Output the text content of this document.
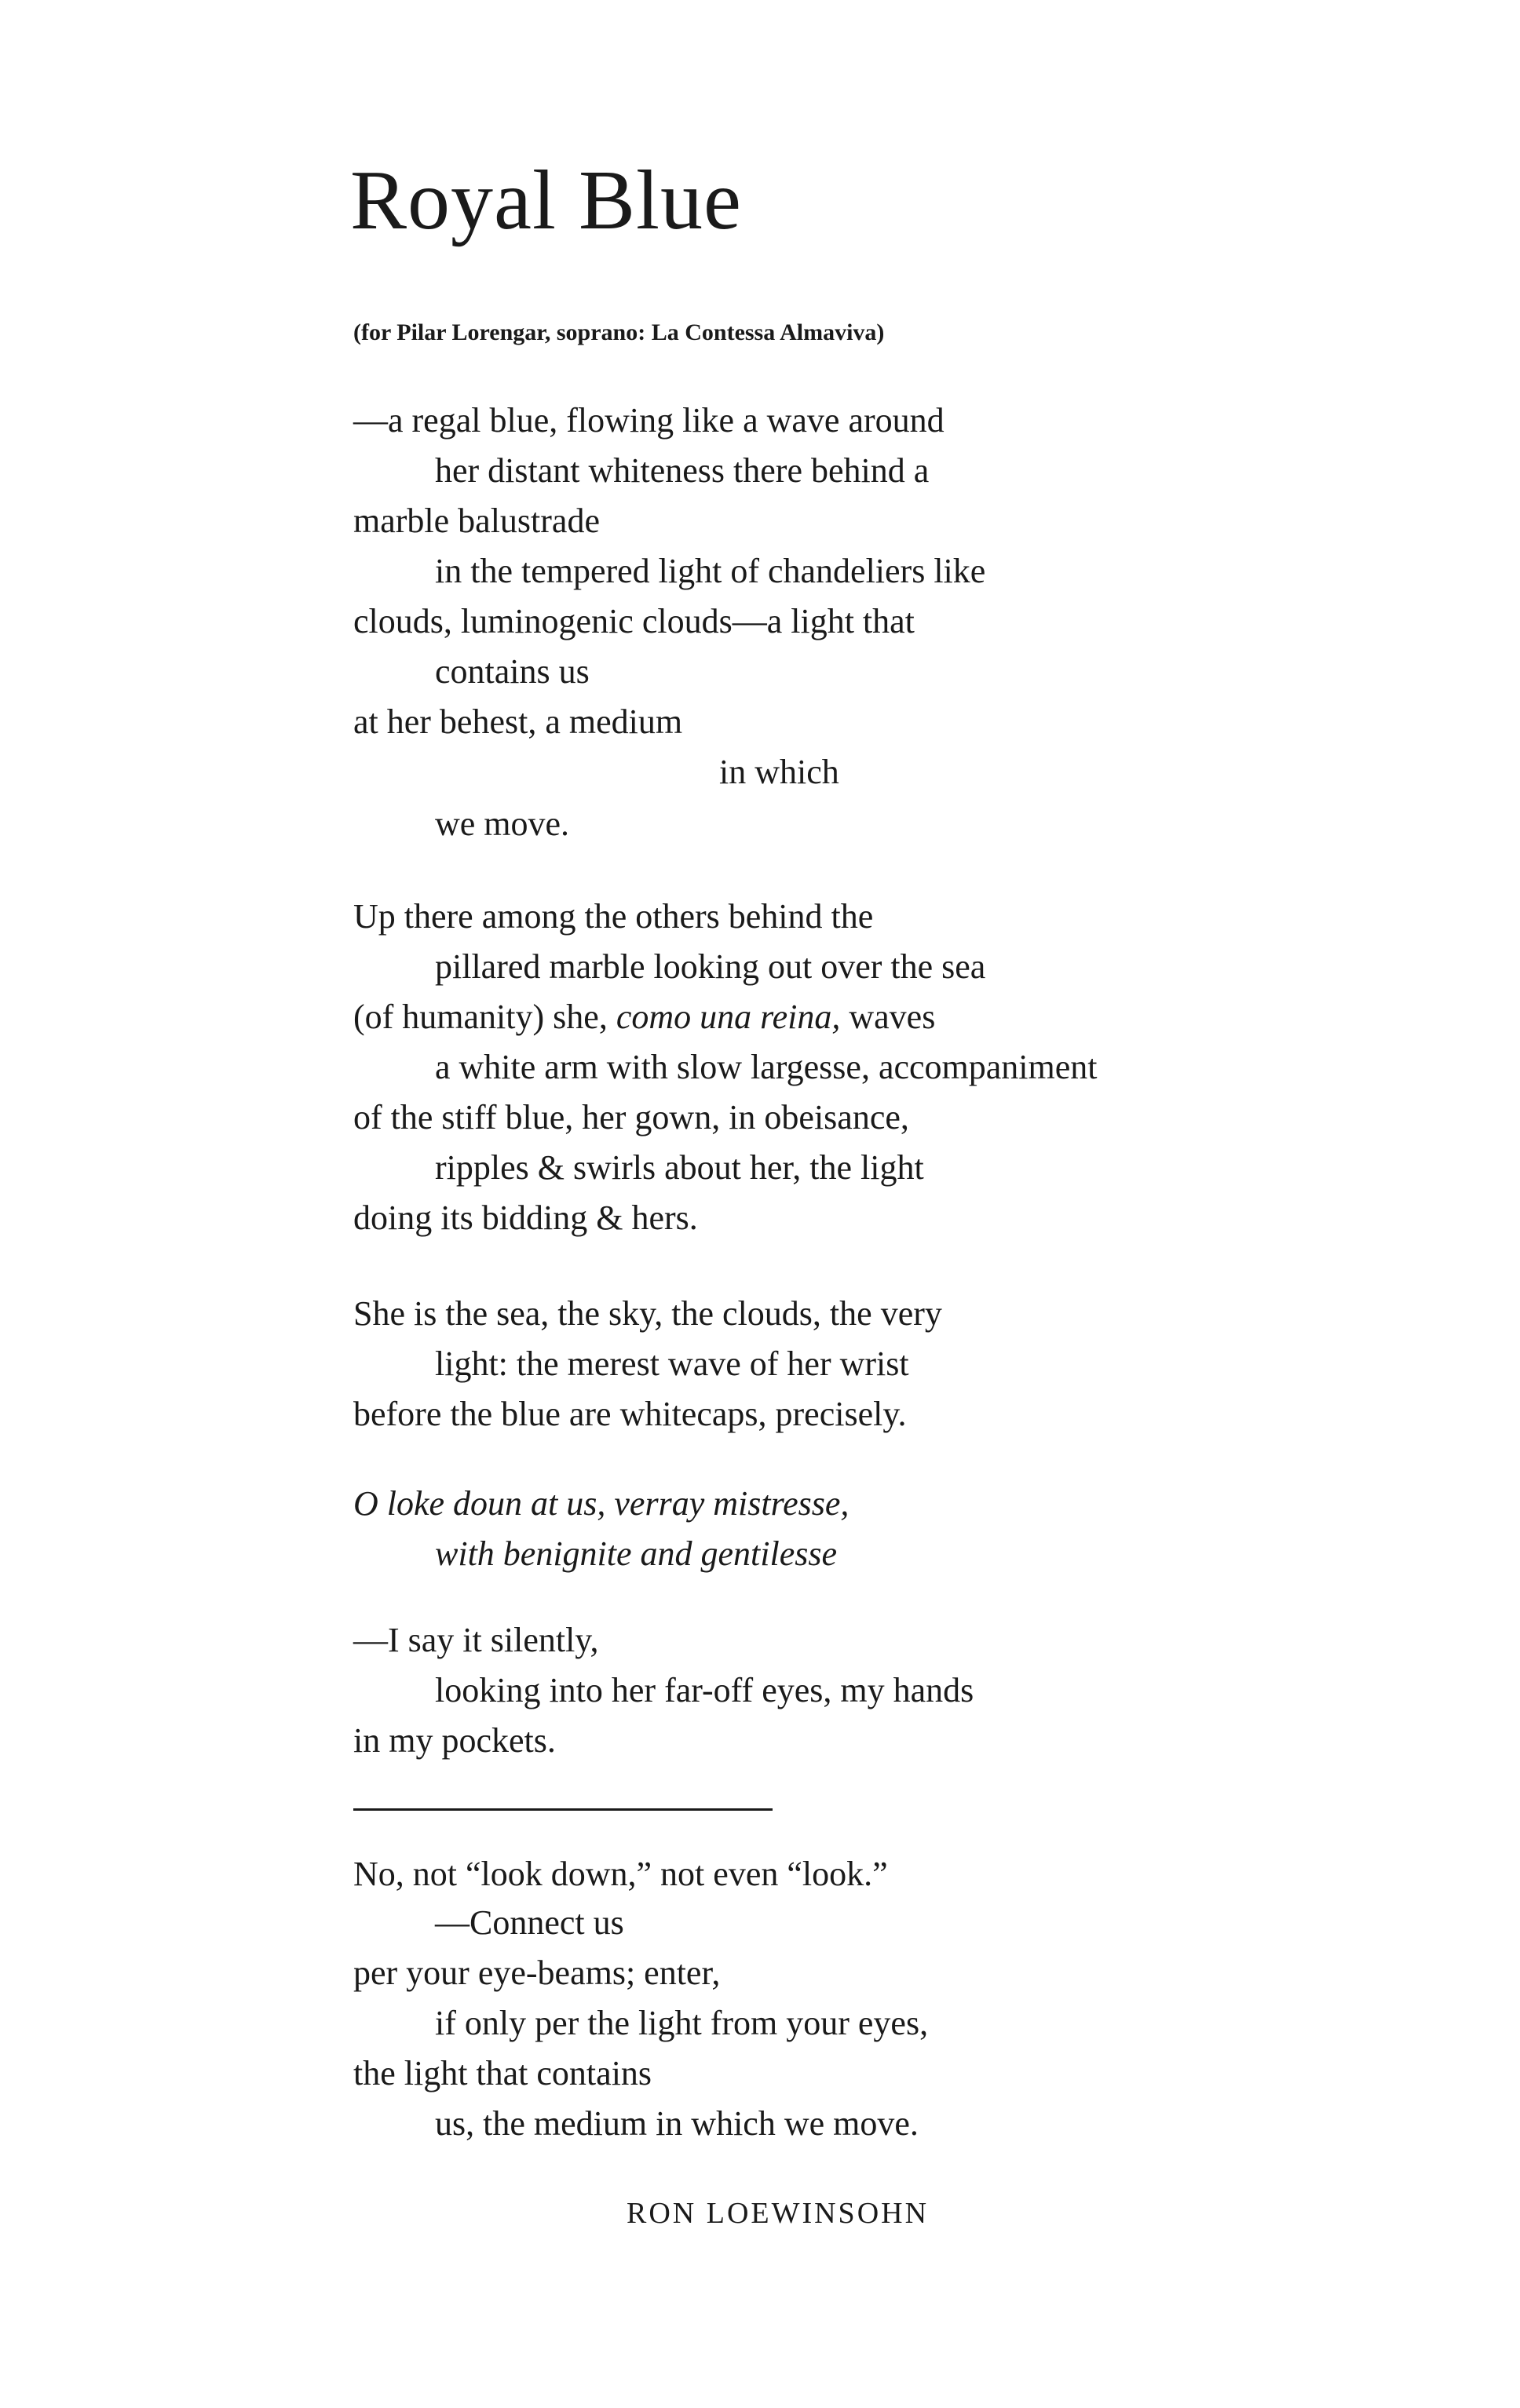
Royal Blue

(for Pilar Lorengar, soprano: La Contessa Almaviva)

—a regal blue, flowing like a wave around

her distant whiteness there behind a

marble balustrade

in the tempered light of chandeliers like

clouds, luminogenic clouds—a light that

contains us

at her behest, a medium

in which

we move.

Up there among the others behind the

pillared marble looking out over the sea

(of humanity) she, como una reina, waves

a white arm with slow largesse, accompaniment

of the stiff blue, her gown, in obeisance,

ripples & swirls about her, the light

doing its bidding & hers.

She is the sea, the sky, the clouds, the very

light: the merest wave of her wrist

before the blue are whitecaps, precisely.

O loke doun at us, verray mistresse,

with benignite and gentilesse

—I say it silently,

looking into her far-off eyes, my hands

in my pockets.

No, not “look down,” not even “look.”

—Connect us

per your eye-beams; enter,

if only per the light from your eyes,

the light that contains

us, the medium in which we move.

RON LOEWINSOHN
